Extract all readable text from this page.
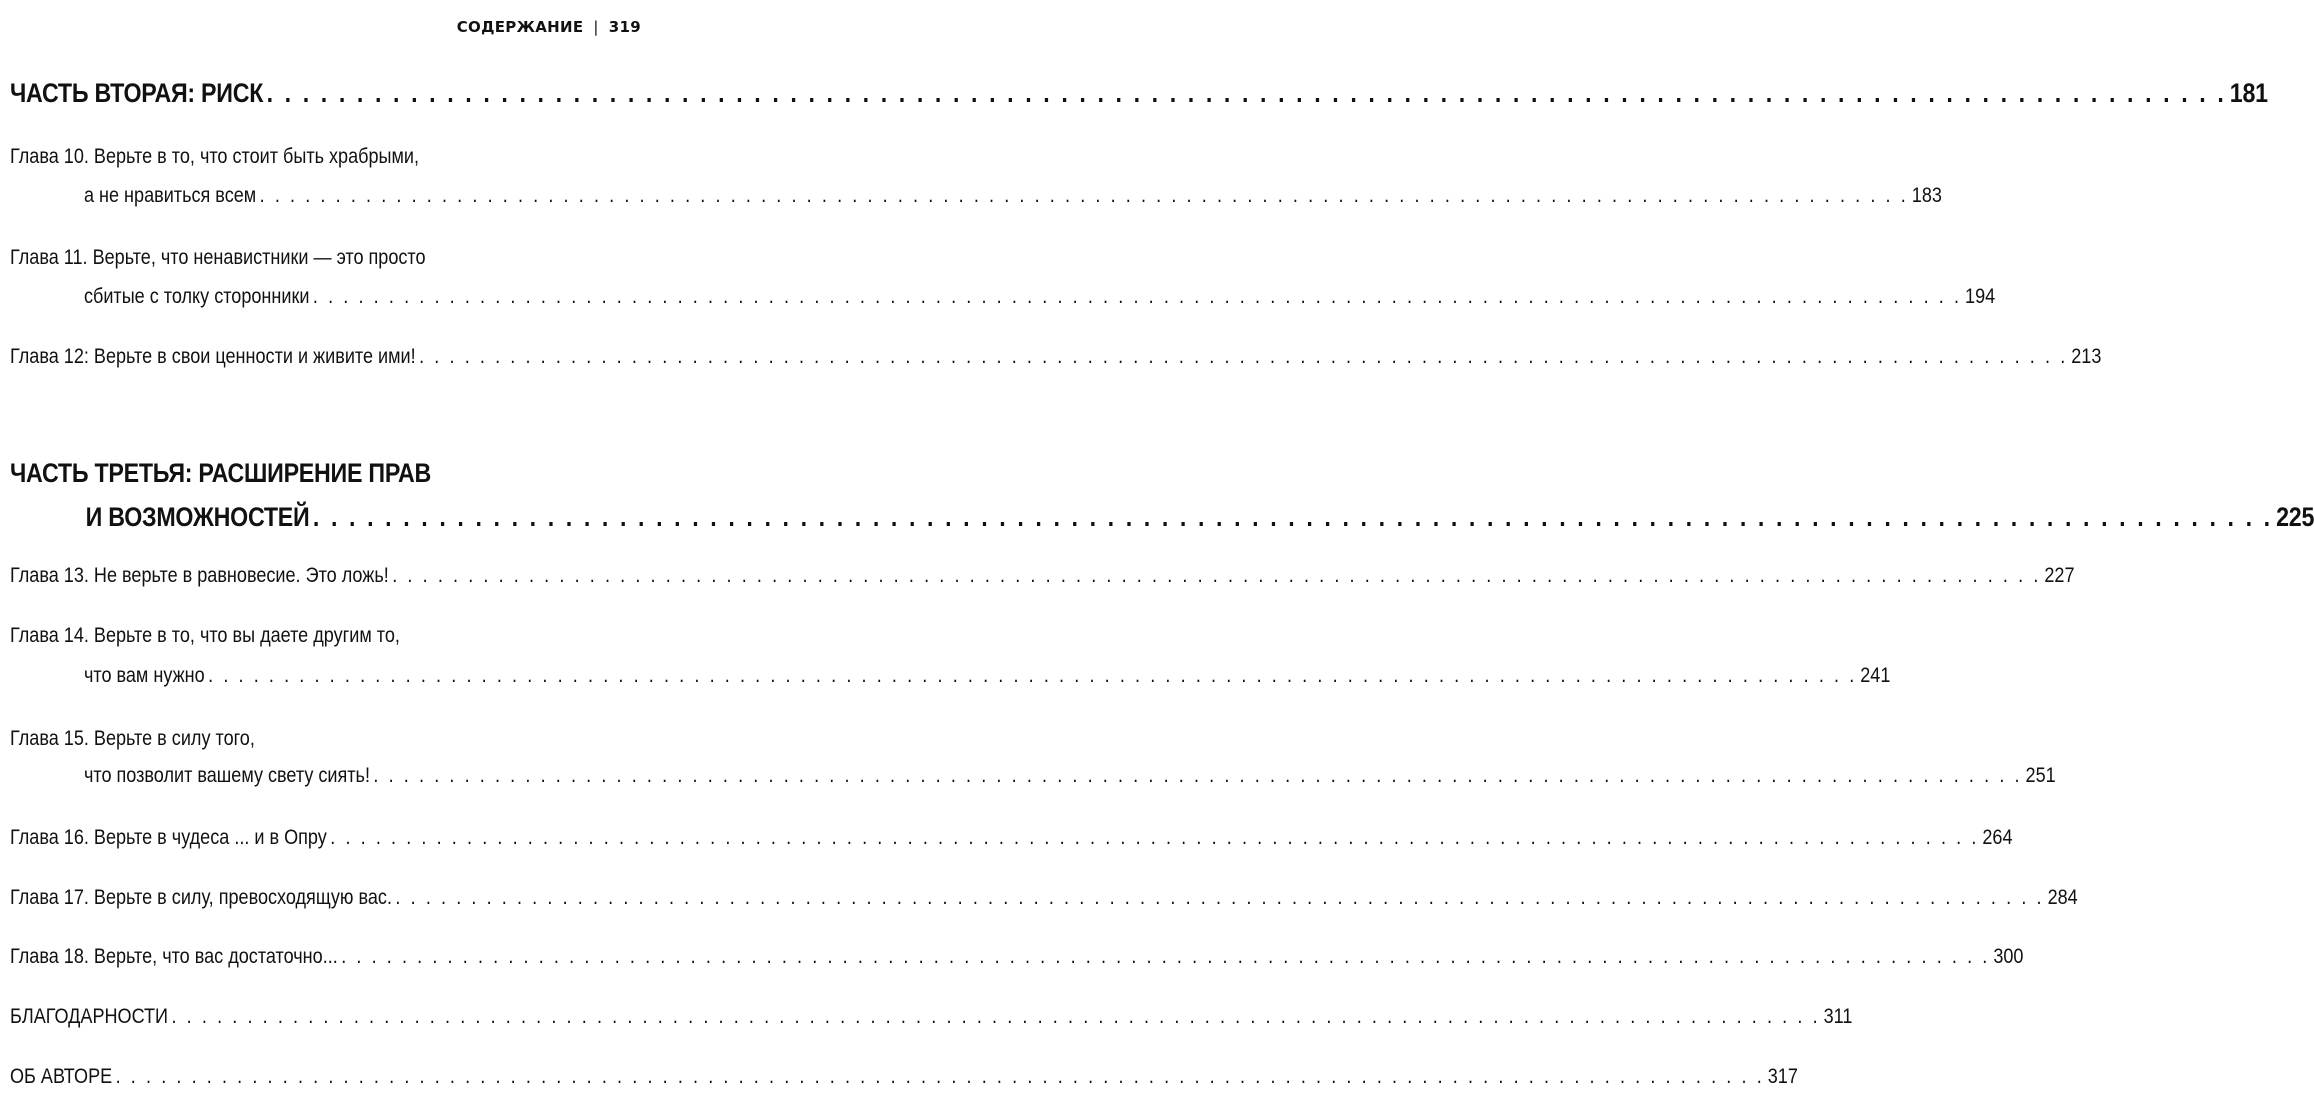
СОДЕРЖАНИЕ | 319
ЧАСТЬ ВТОРАЯ: РИСК . . .	181
Глава 10. Верьте в то, что стоит быть храбрыми,
а не нравиться всем . . .	183
Глава 11. Верьте, что ненавистники — это просто
сбитые с толку сторонники . . .	194
Глава 12: Верьте в свои ценности и живите ими! . . .	213
ЧАСТЬ ТРЕТЬЯ: РАСШИРЕНИЕ ПРАВ
И ВОЗМОЖНОСТЕЙ . . .	225
Глава 13. Не верьте в равновесие. Это ложь! . . .	227
Глава 14. Верьте в то, что вы даете другим то,
что вам нужно . . .	241
Глава 15. Верьте в силу того,
что позволит вашему свету сиять! . . .	251
Глава 16. Верьте в чудеса ... и в Опру . . .	264
Глава 17. Верьте в силу, превосходящую вас. . . .	284
Глава 18. Верьте, что вас достаточно... . . .	300
БЛАГОДАРНОСТИ . . .	311
ОБ АВТОРЕ . . .	317
